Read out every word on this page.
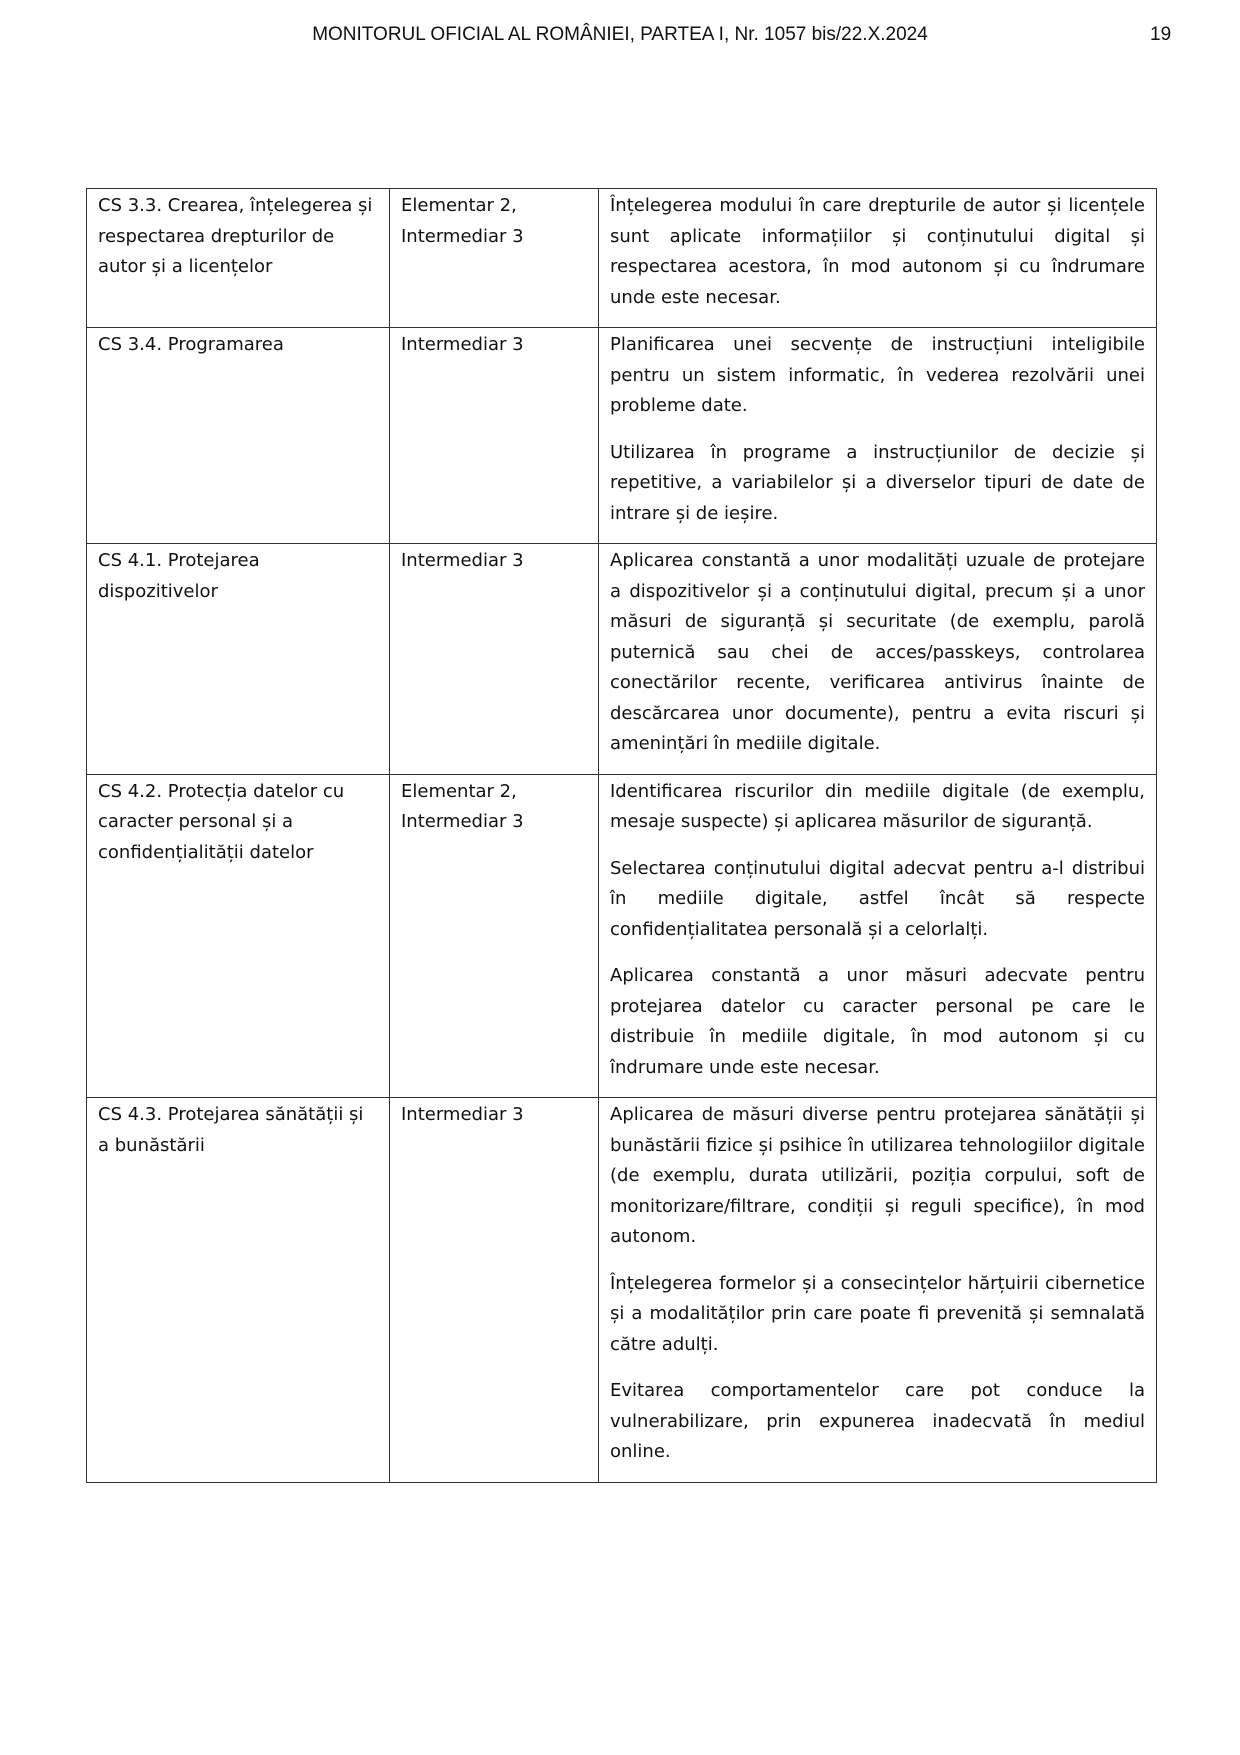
MONITORUL OFICIAL AL ROMÂNIEI, PARTEA I, Nr. 1057 bis/22.X.2024	19
CS 3.3. Crearea, înțelegerea și respectarea drepturilor de autor și a licențelor	Elementar 2, Intermediar 3	Înțelegerea modului în care drepturile de autor și licențele sunt aplicate informațiilor și conținutului digital și respectarea acestora, în mod autonom și cu îndrumare unde este necesar.

CS 3.4. Programarea	Intermediar 3	Planificarea unei secvențe de instrucțiuni inteligibile pentru un sistem informatic, în vederea rezolvării unei probleme date.

Utilizarea în programe a instrucțiunilor de decizie și repetitive, a variabilelor și a diverselor tipuri de date de intrare și de ieșire.

CS 4.1. Protejarea dispozitivelor	Intermediar 3	Aplicarea constantă a unor modalități uzuale de protejare a dispozitivelor și a conținutului digital, precum și a unor măsuri de siguranță și securitate (de exemplu, parolă puternică sau chei de acces/passkeys, controlarea conectărilor recente, verificarea antivirus înainte de descărcarea unor documente), pentru a evita riscuri și amenințări în mediile digitale.

CS 4.2. Protecția datelor cu caracter personal și a confidențialității datelor	Elementar 2, Intermediar 3	Identificarea riscurilor din mediile digitale (de exemplu, mesaje suspecte) și aplicarea măsurilor de siguranță.

Selectarea conținutului digital adecvat pentru a-l distribui în mediile digitale, astfel încât să respecte confidențialitatea personală și a celorlalți.

Aplicarea constantă a unor măsuri adecvate pentru protejarea datelor cu caracter personal pe care le distribuie în mediile digitale, în mod autonom și cu îndrumare unde este necesar.

CS 4.3. Protejarea sănătății și a bunăstării	Intermediar 3	Aplicarea de măsuri diverse pentru protejarea sănătății și bunăstării fizice și psihice în utilizarea tehnologiilor digitale (de exemplu, durata utilizării, poziția corpului, soft de monitorizare/filtrare, condiții și reguli specifice), în mod autonom.

Înțelegerea formelor și a consecințelor hărțuirii cibernetice și a modalităților prin care poate fi prevenită și semnalată către adulți.

Evitarea comportamentelor care pot conduce la vulnerabilizare, prin expunerea inadecvată în mediul online.
